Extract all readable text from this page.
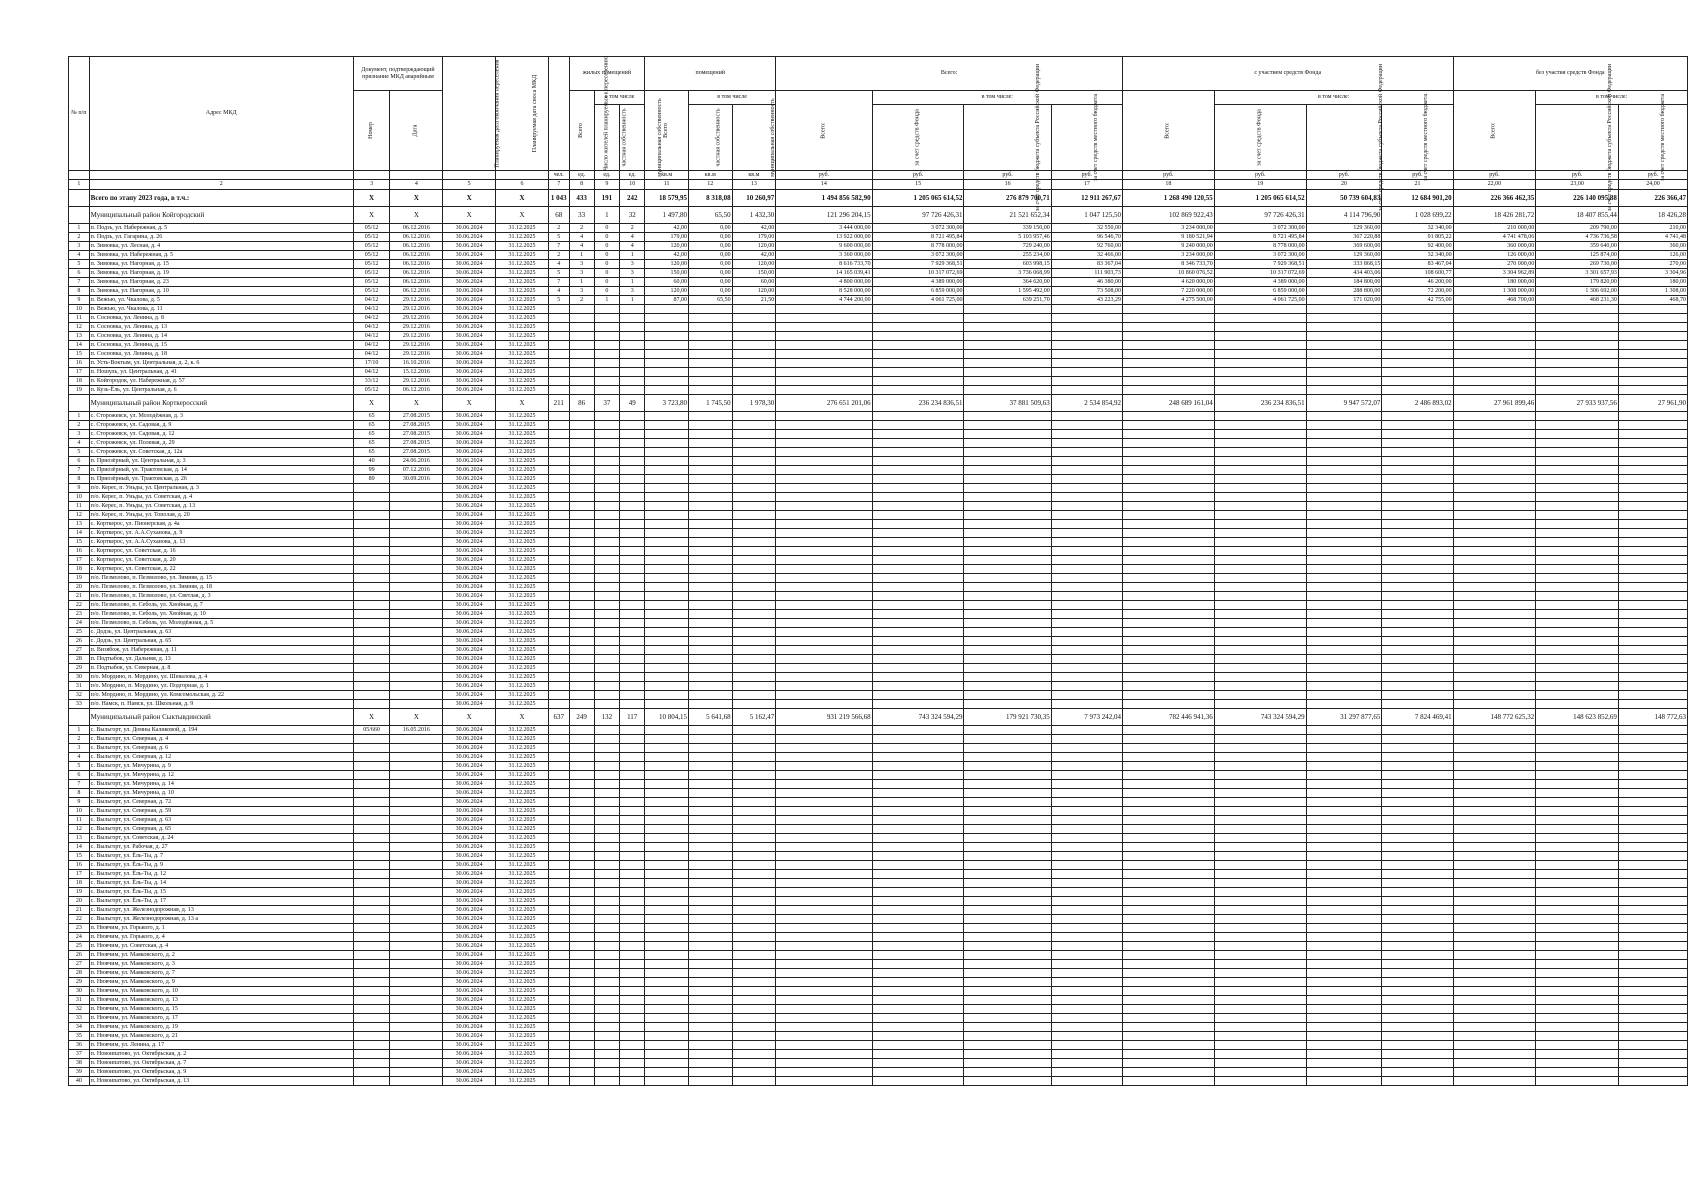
№ п/п	Адрес МКД	Документ, подтверждающий признание МКД аварийным		Планируемая дата окончания переселения	Планируемая дата сноса МКД	Число жителей планируемых к переселению	жилых помещений			помещений			Всего:				с участием средств Фонда				без участия средств Фонда		
		Номер	Дата				Всего	в том числе		Всего	в том числе		Всего:	в том числе:			Всего:	в том числе:			Всего:	в том числе:	
								частная собственность	муниципальная собственность		частная собственность	муниципальная собственность		за счет средств Фонда	за счет средств бюджета субъекта Российской Федерации	за счет средств местного бюджета		за счет средств Фонда	за счет средств бюджета субъекта Российской Федерации	за счет средств местного бюджета		за счет средств бюджета субъекта Российской Федерации	за счет средств местного бюджета
						чел.	ед.	ед.	ед.	кв.м	кв.м	кв.м	руб.	руб.	руб.	руб.	руб.	руб.	руб.	руб.	руб.	руб.	руб.
1	2	3	4	5	6	7	8	9	10	11	12	13	14	15	16	17	18	19	20	21	22,00	23,00	24,00
	Всего по этапу 2023 года, в т.ч.:	X	X	X	X	1 043	433	191	242	18 579,95	8 318,08	10 260,97	1 494 856 582,90	1 205 065 614,52	276 879 700,71	12 911 267,67	1 268 490 120,55	1 205 065 614,52	50 739 604,83	12 684 901,20	226 366 462,35	226 140 095,88	226 366,47
	Муниципальный район Койгородский	X	X	X	X	68	33	1	32	1 497,80	65,50	1 432,30	121 296 204,15	97 726 426,31	21 521 652,34	1 047 125,50	102 869 922,43	97 726 426,31	4 114 796,90	1 028 699,22	18 426 281,72	18 407 855,44	18 426,28
1	п. Подзь, ул. Набережная, д. 5	05/12	06.12.2016	30.06.2024	31.12.2025	2	2	0	2	42,00	0,00	42,00	3 444 000,00	3 072 300,00	339 150,00	32 550,00	3 234 000,00	3 072 300,00	129 360,00	32 340,00	210 000,00	209 790,00	210,00
2	п. Подзь, ул. Гагарина, д. 26	05/12	06.12.2016	30.06.2024	31.12.2025	5	4	0	4	179,00	0,00	179,00	13 922 000,00	8 721 495,84	5 103 957,46	96 546,70	9 180 521,94	8 721 495,84	367 220,88	91 805,22	4 741 478,06	4 736 736,58	4 741,48
3	п. Зимовка, ул. Лесная, д. 4	05/12	06.12.2016	30.06.2024	31.12.2025	7	4	0	4	120,00	0,00	120,00	9 600 000,00	8 778 000,00	729 240,00	92 760,00	9 240 000,00	8 778 000,00	369 600,00	92 400,00	360 000,00	359 640,00	360,00
4	п. Зимовка, ул. Набережная, д. 5	05/12	06.12.2016	30.06.2024	31.12.2025	2	1	0	1	42,00	0,00	42,00	3 360 000,00	3 072 300,00	255 234,00	32 466,00	3 234 000,00	3 072 300,00	129 360,00	32 340,00	126 000,00	125 874,00	126,00
5	п. Зимовка, ул. Нагорная, д. 15	05/12	06.12.2016	30.06.2024	31.12.2025	4	3	0	3	120,00	0,00	120,00	8 616 733,70	7 929 368,51	603 998,15	83 367,04	8 346 733,70	7 929 368,51	333 868,15	83 467,04	270 000,00	269 730,00	270,00
6	п. Зимовка, ул. Нагорная, д. 19	05/12	06.12.2016	30.06.2024	31.12.2025	5	3	0	3	150,00	0,00	150,00	14 165 039,41	10 317 072,69	3 736 068,99	111 903,73	10 860 076,52	10 317 072,69	434 403,06	108 600,77	3 304 962,89	3 301 657,93	3 304,96
7	п. Зимовка, ул. Нагорная, д. 23	05/12	06.12.2016	30.06.2024	31.12.2025	7	1	0	1	60,00	0,00	60,00	4 800 000,00	4 389 000,00	364 620,00	46 380,00	4 620 000,00	4 389 000,00	184 800,00	46 200,00	180 000,00	179 820,00	180,00
8	п. Зимовка, ул. Нагорная, д. 10	05/12	06.12.2016	30.06.2024	31.12.2025	4	3	0	3	120,00	0,00	120,00	8 528 000,00	6 859 000,00	1 595 492,00	73 508,00	7 220 000,00	6 859 000,00	288 800,00	72 200,00	1 308 000,00	1 306 692,00	1 308,00
9	п. Вежъю, ул. Чкалова, д. 5	04/12	29.12.2016	30.06.2024	31.12.2025	5	2	1	1	87,00	65,50	21,50	4 744 200,00	4 061 725,00	639 251,70	43 223,29	4 275 500,00	4 061 725,00	171 020,00	42 755,00	468 700,00	468 231,30	468,70
10	п. Вежъю, ул. Чкалова, д. 11	04/12	29.12.2016	30.06.2024	31.12.2025																		
11	п. Сосновка, ул. Ленина, д. 8	04/12	29.12.2016	30.06.2024	31.12.2025																		
12	п. Сосновка, ул. Ленина, д. 13	04/12	29.12.2016	30.06.2024	31.12.2025																		
13	п. Сосновка, ул. Ленина, д. 14	04/12	29.12.2016	30.06.2024	31.12.2025																		
14	п. Сосновка, ул. Ленина, д. 15	04/12	29.12.2016	30.06.2024	31.12.2025																		
15	п. Сосновка, ул. Ленина, д. 18	04/12	29.12.2016	30.06.2024	31.12.2025																		
16	п. Усть-Воктым, ул. Центральная, д. 2, к. 6	17/10	16.10.2016	30.06.2024	31.12.2025																		
17	п. Ношуль, ул. Центральная, д. 41	04/12	15.12.2016	30.06.2024	31.12.2025																		
18	п. Койгородок, ул. Набережная, д. 57	33/12	29.12.2016	30.06.2024	31.12.2025																		
19	п. Кузь-Ёль, ул. Центральная, д. 6	05/12	06.12.2016	30.06.2024	31.12.2025																		
	Муниципальный район Корткеросский	X	X	X	X	211	86	37	49	3 723,80	1 745,50	1 978,30	276 651 201,06	236 234 836,51	37 881 509,63	2 534 854,92	248 689 161,04	236 234 836,51	9 947 572,07	2 486 893,02	27 961 899,46	27 933 937,56	27 961,90
1	с. Сторожевск, ул. Молодёжная, д. 3	65	27.08.2015	30.06.2024	31.12.2025																		
2	с. Сторожевск, ул. Садовая, д. 9	65	27.08.2015	30.06.2024	31.12.2025																		
3	с. Сторожевск, ул. Садовая, д. 12	65	27.08.2015	30.06.2024	31.12.2025																		
4	с. Сторожевск, ул. Полевая, д. 29	65	27.08.2015	30.06.2024	31.12.2025																		
5	с. Сторожевск, ул. Советская, д. 12а	65	27.08.2015	30.06.2024	31.12.2025																		
6	п. Приозёрный, ул. Центральная, д. 3	40	24.06.2016	30.06.2024	31.12.2025																		
7	п. Приозёрный, ул. Трактовская, д. 14	99	07.12.2016	30.06.2024	31.12.2025																		
8	п. Приозёрный, ул. Трактовская, д. 26	89	30.09.2016	30.06.2024	31.12.2025																		
9	п/о. Кереc, п. Уньды, ул. Центральная, д. 3			30.06.2024	31.12.2025																		
10	п/о. Кереc, п. Уньды, ул. Советская, д. 4			30.06.2024	31.12.2025																		
11	п/о. Кереc, п. Уньды, ул. Советская, д. 13			30.06.2024	31.12.2025																		
12	п/о. Кереc, п. Уньды, ул. Тополая, д. 20			30.06.2024	31.12.2025																		
13	с. Корткерос, ул. Пионерская, д. 4а			30.06.2024	31.12.2025																		
14	с. Корткерос, ул. А.А.Суханова, д. 9			30.06.2024	31.12.2025																		
15	с. Корткерос, ул. А.А.Суханова, д. 13			30.06.2024	31.12.2025																		
16	с. Корткерос, ул. Советская, д. 16			30.06.2024	31.12.2025																		
17	с. Корткерос, ул. Советская, д. 20			30.06.2024	31.12.2025																		
18	с. Корткерос, ул. Советская, д. 22			30.06.2024	31.12.2025																		
19	п/о. Пезмолово, п. Пезмолово, ул. Зимняя, д. 15			30.06.2024	31.12.2025																		
20	п/о. Пезмолово, п. Пезмолово, ул. Зимняя, д. 18			30.06.2024	31.12.2025																		
21	п/о. Пезмолово, п. Пезмолово, ул. Светлая, д. 3			30.06.2024	31.12.2025																		
22	п/о. Пезмолово, п. Себоль, ул. Хвойная, д. 7			30.06.2024	31.12.2025																		
23	п/о. Пезмолово, п. Себоль, ул. Хвойная, д. 10			30.06.2024	31.12.2025																		
24	п/о. Пезмолово, п. Себоль, ул. Молодёжная, д. 5			30.06.2024	31.12.2025																		
25	с. Додзь, ул. Центральная, д. 63			30.06.2024	31.12.2025																		
26	с. Додзь, ул. Центральная, д. 65			30.06.2024	31.12.2025																		
27	п. Визябож, ул. Набережная, д. 11			30.06.2024	31.12.2025																		
28	п. Подтыбок, ул. Дальняя, д. 13			30.06.2024	31.12.2025																		
29	п. Подтыбок, ул. Северная, д. 8			30.06.2024	31.12.2025																		
30	п/о. Мордино, п. Мордино, ул. Шевалова, д. 4			30.06.2024	31.12.2025																		
31	п/о. Мордино, п. Мордино, ул. Подгорная, д. 1			30.06.2024	31.12.2025																		
32	п/о. Мордино, п. Мордино, ул. Комсомольская, д. 22			30.06.2024	31.12.2025																		
33	п/о. Намск, п. Намск, ул. Школьная, д. 9			30.06.2024	31.12.2025																		
	Муниципальный район Сыктывдинский	X	X	X	X	637	249	132	117	10 804,15	5 641,68	5 162,47	931 219 566,68	743 324 594,29	179 921 730,35	7 973 242,04	782 446 941,36	743 324 594,29	31 297 877,65	7 824 469,41	148 772 625,32	148 623 852,69	148 772,63
1	с. Выльгорт, ул. Домны Каликовой, д. 194	05/660	16.05.2016	30.06.2024	31.12.2025																		
2	с. Выльгорт, ул. Северная, д. 4			30.06.2024	31.12.2025																		
3	с. Выльгорт, ул. Северная, д. 6			30.06.2024	31.12.2025																		
4	с. Выльгорт, ул. Северная, д. 12			30.06.2024	31.12.2025																		
5	с. Выльгорт, ул. Мичурина, д. 9			30.06.2024	31.12.2025																		
6	с. Выльгорт, ул. Мичурина, д. 12			30.06.2024	31.12.2025																		
7	с. Выльгорт, ул. Мичурина, д. 14			30.06.2024	31.12.2025																		
8	с. Выльгорт, ул. Мичурина, д. 10			30.06.2024	31.12.2025																		
9	с. Выльгорт, ул. Северная, д. 72			30.06.2024	31.12.2025																		
10	с. Выльгорт, ул. Северная, д. 59			30.06.2024	31.12.2025																		
11	с. Выльгорт, ул. Северная, д. 63			30.06.2024	31.12.2025																		
12	с. Выльгорт, ул. Северная, д. 65			30.06.2024	31.12.2025																		
13	с. Выльгорт, ул. Советская, д. 24			30.06.2024	31.12.2025																		
14	с. Выльгорт, ул. Рабочая, д. 27			30.06.2024	31.12.2025																		
15	с. Выльгорт, ул. Ёль-Ты, д. 7			30.06.2024	31.12.2025																		
16	с. Выльгорт, ул. Ёль-Ты, д. 9			30.06.2024	31.12.2025																		
17	с. Выльгорт, ул. Ёль-Ты, д. 12			30.06.2024	31.12.2025																		
18	с. Выльгорт, ул. Ёль-Ты, д. 14			30.06.2024	31.12.2025																		
19	с. Выльгорт, ул. Ёль-Ты, д. 15			30.06.2024	31.12.2025																		
20	с. Выльгорт, ул. Ёль-Ты, д. 17			30.06.2024	31.12.2025																		
21	с. Выльгорт, ул. Железнодорожная, д. 13			30.06.2024	31.12.2025																		
22	с. Выльгорт, ул. Железнодорожная, д. 13 а			30.06.2024	31.12.2025																		
23	п. Нювчим, ул. Горького, д. 1			30.06.2024	31.12.2025																		
24	п. Нювчим, ул. Горького, д. 4			30.06.2024	31.12.2025																		
25	п. Нювчим, ул. Советская, д. 4			30.06.2024	31.12.2025																		
26	п. Нювчим, ул. Маяковского, д. 2			30.06.2024	31.12.2025																		
27	п. Нювчим, ул. Маяковского, д. 3			30.06.2024	31.12.2025																		
28	п. Нювчим, ул. Маяковского, д. 7			30.06.2024	31.12.2025																		
29	п. Нювчим, ул. Маяковского, д. 9			30.06.2024	31.12.2025																		
30	п. Нювчим, ул. Маяковского, д. 10			30.06.2024	31.12.2025																		
31	п. Нювчим, ул. Маяковского, д. 13			30.06.2024	31.12.2025																		
32	п. Нювчим, ул. Маяковского, д. 15			30.06.2024	31.12.2025																		
33	п. Нювчим, ул. Маяковского, д. 17			30.06.2024	31.12.2025																		
34	п. Нювчим, ул. Маяковского, д. 19			30.06.2024	31.12.2025																		
35	п. Нювчим, ул. Маяковского, д. 21			30.06.2024	31.12.2025																		
36	п. Нювчим, ул. Ленина, д. 17			30.06.2024	31.12.2025																		
37	п. Новоипатово, ул. Октябрьская, д. 2			30.06.2024	31.12.2025																		
38	п. Новоипатово, ул. Октябрьская, д. 7			30.06.2024	31.12.2025																		
39	п. Новоипатово, ул. Октябрьская, д. 9			30.06.2024	31.12.2025																		
40	п. Новоипатово, ул. Октябрьская, д. 13			30.06.2024	31.12.2025																		
